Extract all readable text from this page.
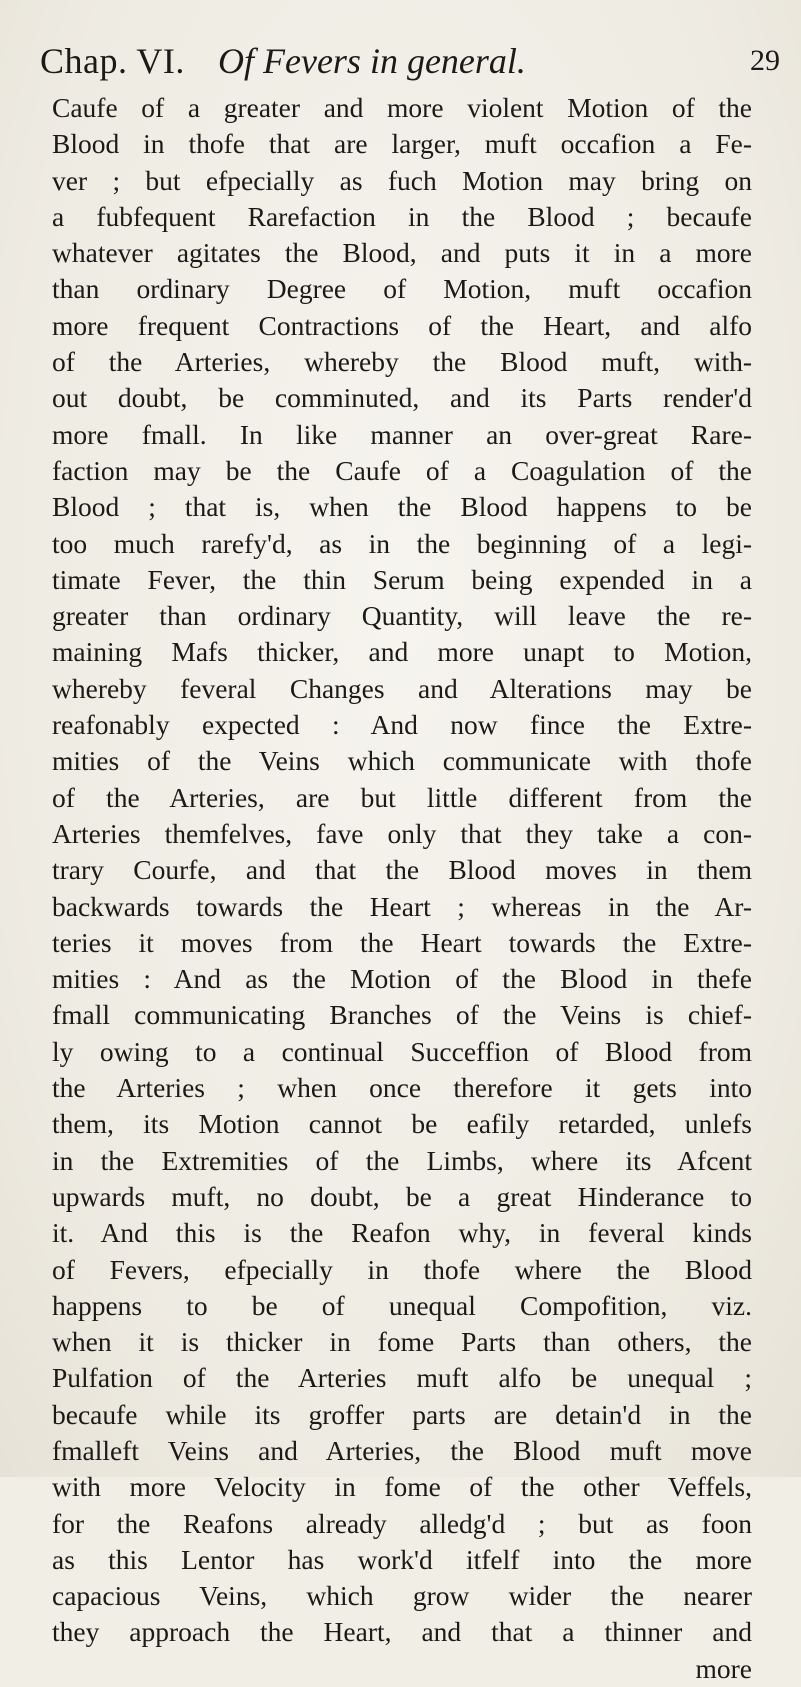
Chap. VI. Of Fevers in general.	29
Caufe of a greater and more violent Motion of the
Blood in thofe that are larger, muft occafion a Fe-
ver ; but efpecially as fuch Motion may bring on
a fubfequent Rarefaction in the Blood ; becaufe
whatever agitates the Blood, and puts it in a more
than ordinary Degree of Motion, muft occafion
more frequent Contractions of the Heart, and alfo
of the Arteries, whereby the Blood muft, with-
out doubt, be comminuted, and its Parts render'd
more fmall. In like manner an over-great Rare-
faction may be the Caufe of a Coagulation of the
Blood ; that is, when the Blood happens to be
too much rarefy'd, as in the beginning of a legi-
timate Fever, the thin Serum being expended in a
greater than ordinary Quantity, will leave the re-
maining Mafs thicker, and more unapt to Motion,
whereby feveral Changes and Alterations may be
reafonably expected : And now fince the Extre-
mities of the Veins which communicate with thofe
of the Arteries, are but little different from the
Arteries themfelves, fave only that they take a con-
trary Courfe, and that the Blood moves in them
backwards towards the Heart ; whereas in the Ar-
teries it moves from the Heart towards the Extre-
mities : And as the Motion of the Blood in thefe
fmall communicating Branches of the Veins is chief-
ly owing to a continual Succeffion of Blood from
the Arteries ; when once therefore it gets into
them, its Motion cannot be eafily retarded, unlefs
in the Extremities of the Limbs, where its Afcent
upwards muft, no doubt, be a great Hinderance to
it. And this is the Reafon why, in feveral kinds
of Fevers, efpecially in thofe where the Blood
happens to be of unequal Compofition, viz.
when it is thicker in fome Parts than others, the
Pulfation of the Arteries muft alfo be unequal ;
becaufe while its groffer parts are detain'd in the
fmalleft Veins and Arteries, the Blood muft move
with more Velocity in fome of the other Veffels,
for the Reafons already alledg'd ; but as foon
as this Lentor has work'd itfelf into the more
capacious Veins, which grow wider the nearer
they approach the Heart, and that a thinner and
more
